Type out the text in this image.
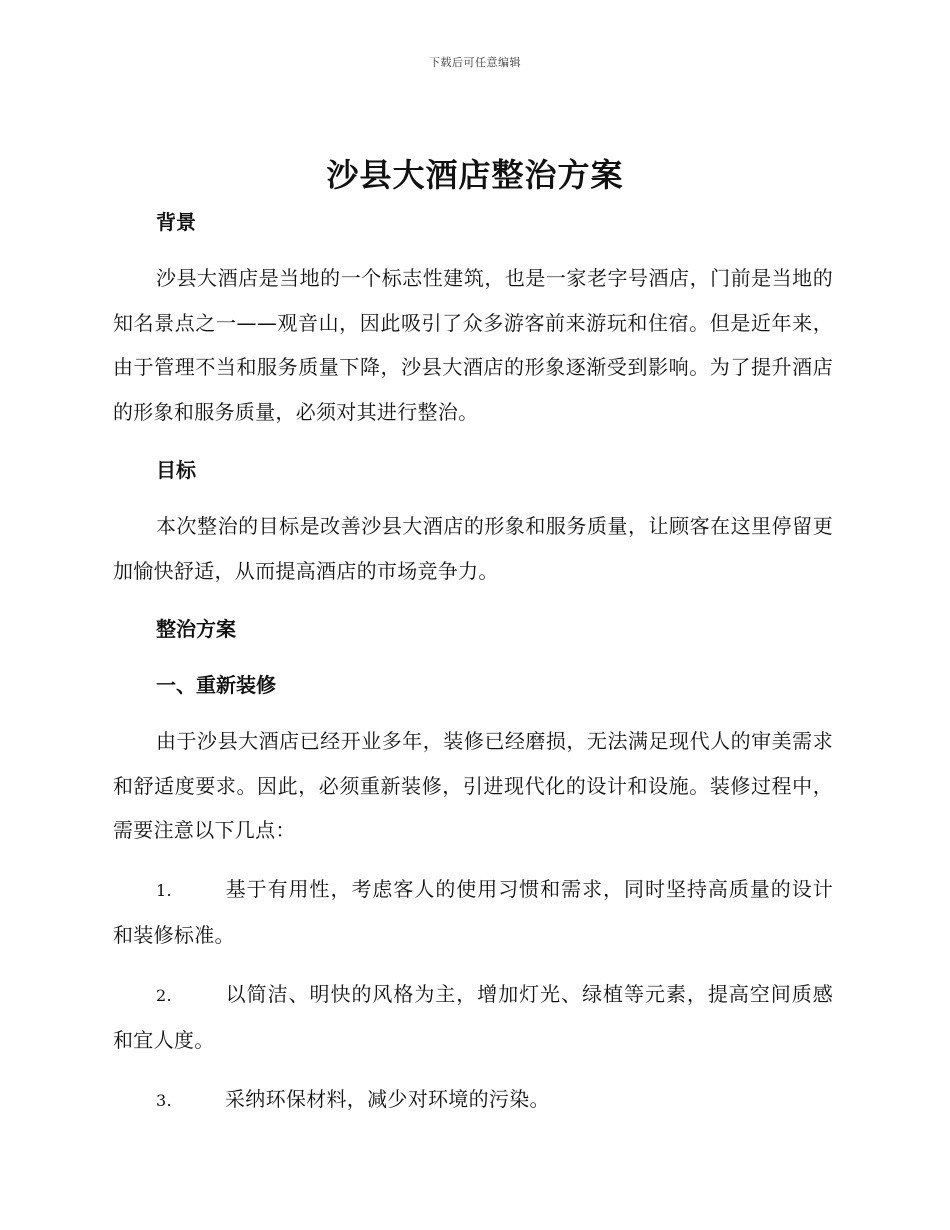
下载后可任意编辑
沙县大酒店整治方案
背景
沙县大酒店是当地的一个标志性建筑，也是一家老字号酒店，门前是当地的知名景点之一——观音山，因此吸引了众多游客前来游玩和住宿。但是近年来，由于管理不当和服务质量下降，沙县大酒店的形象逐渐受到影响。为了提升酒店的形象和服务质量，必须对其进行整治。
目标
本次整治的目标是改善沙县大酒店的形象和服务质量，让顾客在这里停留更加愉快舒适，从而提高酒店的市场竞争力。
整治方案
一、重新装修
由于沙县大酒店已经开业多年，装修已经磨损，无法满足现代人的审美需求和舒适度要求。因此，必须重新装修，引进现代化的设计和设施。装修过程中，需要注意以下几点：
1.	基于有用性，考虑客人的使用习惯和需求，同时坚持高质量的设计和装修标准。
2.	以简洁、明快的风格为主，增加灯光、绿植等元素，提高空间质感和宜人度。
3.	采纳环保材料，减少对环境的污染。
